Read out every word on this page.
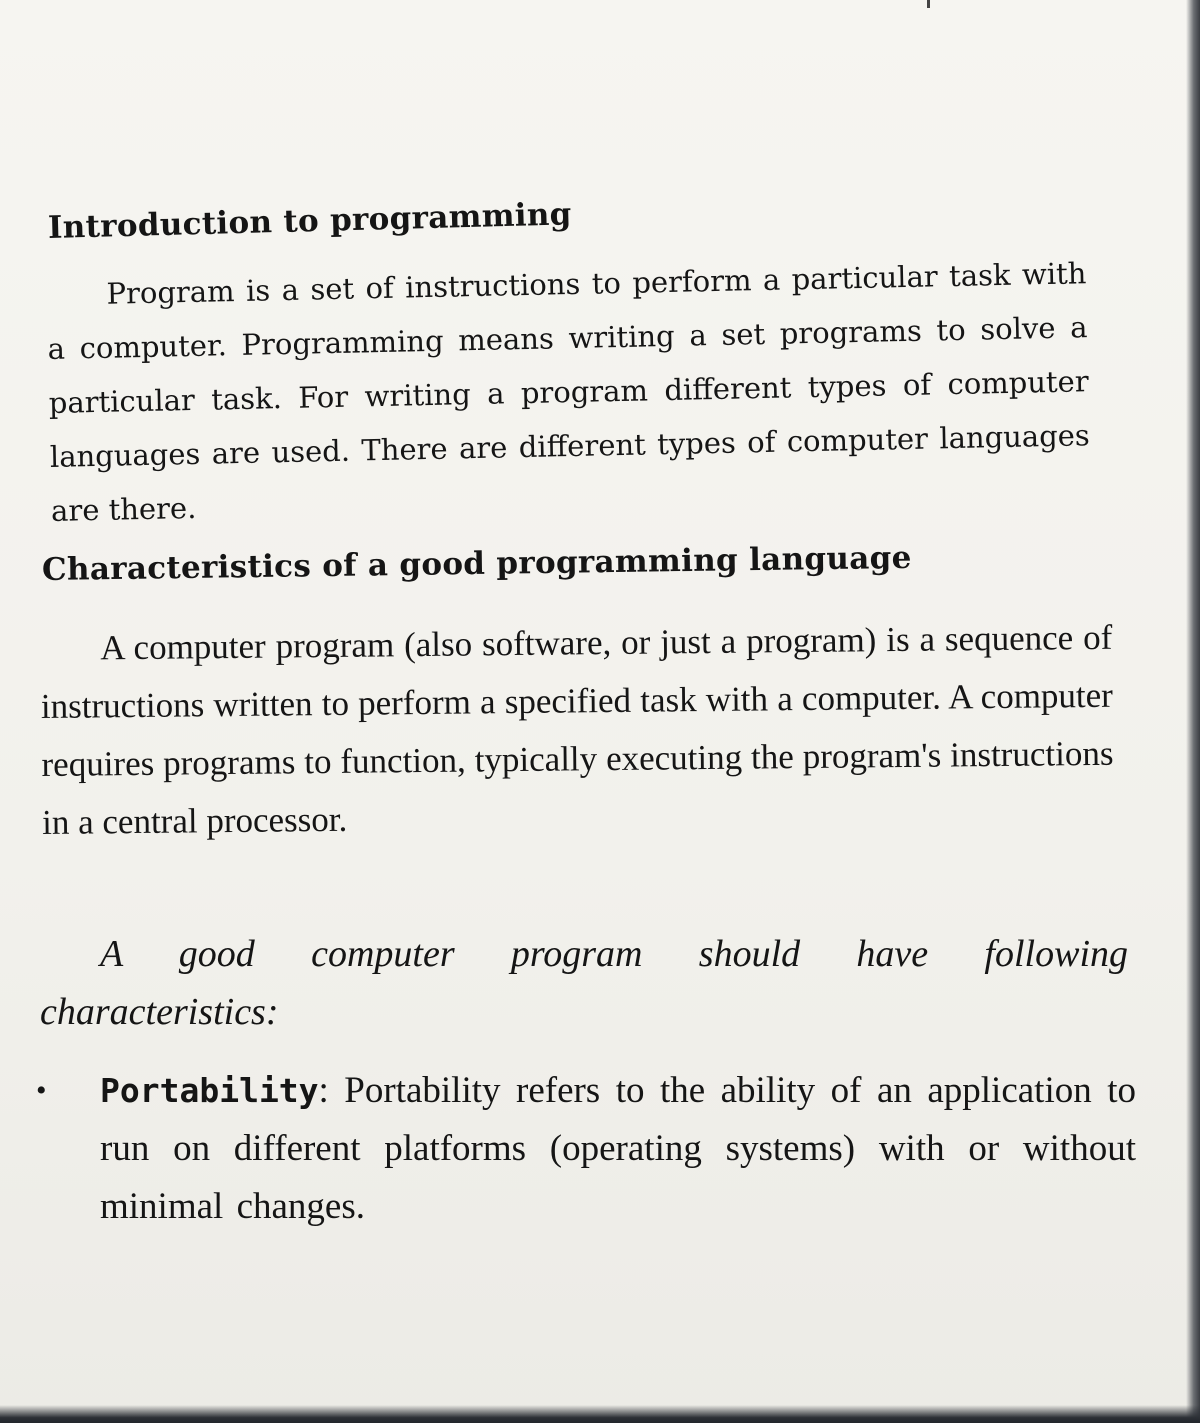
Introduction to programming

Program is a set of instructions to perform a particular task with a computer. Programming means writing a set programs to solve a particular task. For writing a program different types of computer languages are used. There are different types of computer languages are there.

Characteristics of a good programming language

A computer program (also software, or just a program) is a sequence of instructions written to perform a specified task with a computer. A computer requires programs to function, typically executing the program's instructions in a central processor.

A good computer program should have following characteristics:

• Portability: Portability refers to the ability of an application to run on different platforms (operating systems) with or without minimal changes.
